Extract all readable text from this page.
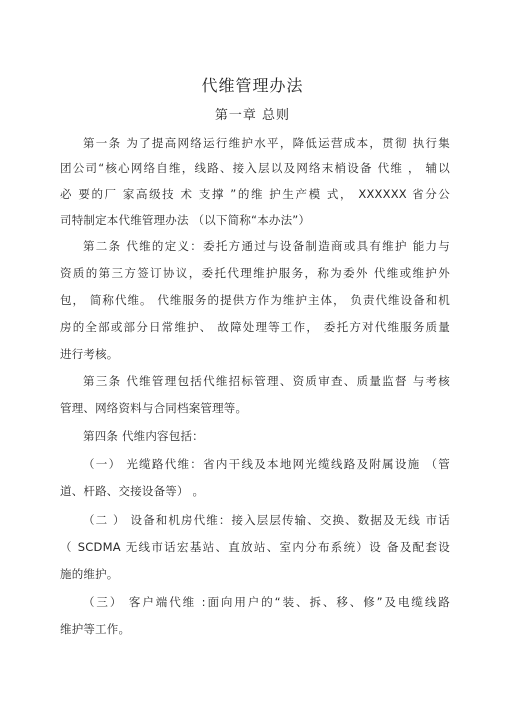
代维管理办法
第一章 总则
第一条 为了提高网络运行维护水平，降低运营成本，贯彻 执行集
团公司“核心网络自维，线路、接入层以及网络末梢设备 代维 ， 辅以
必 要的厂 家高级技 术 支撑 ”的维 护生产模 式， XXXXXX 省分公
司特制定本代维管理办法 （以下简称“本办法”）
第二条 代维的定义：委托方通过与设备制造商或具有维护 能力与
资质的第三方签订协议，委托代理维护服务，称为委外 代维或维护外
包， 简称代维。 代维服务的提供方作为维护主体， 负责代维设备和机
房的全部或部分日常维护、 故障处理等工作， 委托方对代维服务质量
进行考核。
第三条 代维管理包括代维招标管理、资质审查、质量监督 与考核
管理、网络资料与合同档案管理等。
第四条 代维内容包括：
（一） 光缆路代维：省内干线及本地网光缆线路及附属设施 （管
道、杆路、交接设备等） 。
（二 ） 设备和机房代维：接入层层传输、交换、数据及无线 市话
（ SCDMA 无线市话宏基站、直放站、室内分布系统）设 备及配套设
施的维护。
（三） 客户端代维 :面向用户的“装、拆、移、修”及电缆线路
维护等工作。
